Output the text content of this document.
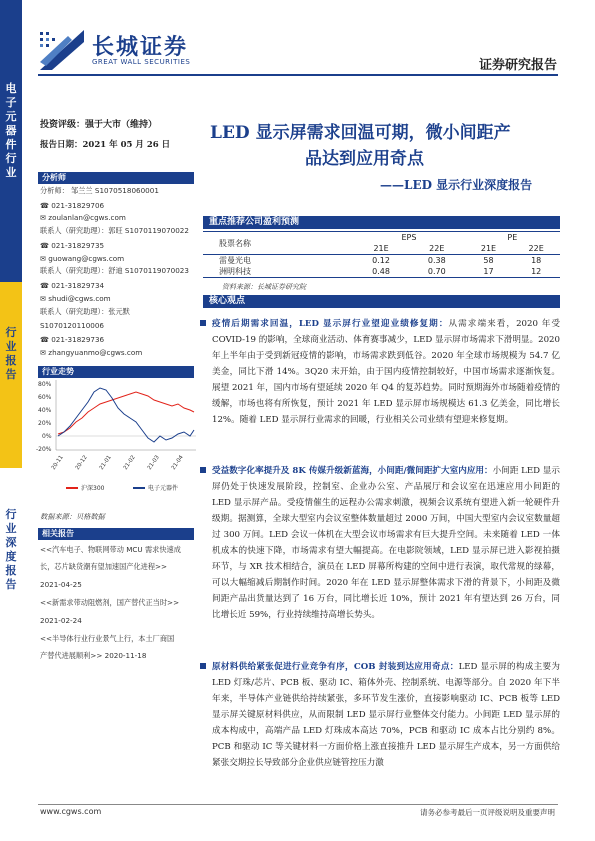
电子元器件行业
行业报告
行业深度报告
长城证券
GREAT WALL SECURITIES	证券研究报告
投资评级：强于大市（维持）
报告日期：2021 年 05 月 26 日
分析师
分析师： 邹兰兰 S1070518060001
☎ 021-31829706
✉ zoulanlan@cgws.com
联系人（研究助理）：郭旺 S1070119070022
☎ 021-31829735
✉ guowang@cgws.com
联系人（研究助理）：舒迪 S1070119070023
☎ 021-31829734
✉ shudi@cgws.com
联系人（研究助理）：张元默
S1070120110006
☎ 021-31829736
✉ zhangyuanmo@cgws.com
行业走势
80%
60%
40%
20%
0%
-20%
20-11 20-12 21-01 21-02 21-03 21-04
沪深300	电子元器件
数据来源：贝格数据
相关报告
<<汽车电子、物联网带动 MCU 需求快速成
长，芯片缺货潮有望加速国产化进程>>
2021-04-25
<<新需求带动阻燃剂，国产替代正当时>>
2021-02-24
<<半导体行业行业景气上行，本土厂商国
产替代进展顺利>> 2020-11-18
LED 显示屏需求回温可期，微小间距产
品达到应用奇点
——LED 显示行业深度报告
重点推荐公司盈利预测
股票名称	EPS		PE	
	21E	22E	21E	22E
雷曼光电	0.12	0.38	58	18
洲明科技	0.48	0.70	17	12
资料来源：长城证券研究院
核心观点
疫情后期需求回温，LED 显示屏行业望迎业绩修复期：从需求端来看，2020 年受 COVID-19 的影响，全球商业活动、体育赛事减少，LED 显示屏市场需求下滑明显。2020 年上半年由于受到新冠疫情的影响，市场需求跌到低谷。2020 年全球市场规模为 54.7 亿美金，同比下滑 14%。3Q20 末开始，由于国内疫情控制较好，中国市场需求逐渐恢复。展望 2021 年，国内市场有望延续 2020 年 Q4 的复苏趋势。同时预期海外市场随着疫情的缓解，市场也将有所恢复，预计 2021 年 LED 显示屏市场规模达 61.3 亿美金，同比增长 12%。随着 LED 显示屏行业需求的回暖，行业相关公司业绩有望迎来修复期。
受益数字化率提升及 8K 传媒升级新蓝海，小间距/微间距扩大室内应用：小间距 LED 显示屏仍处于快速发展阶段，控制室、企业办公室、产品展厅和会议室在迅速应用小间距的 LED 显示屏产品。受疫情催生的远程办公需求刺激，视频会议系统有望进入新一轮硬件升级期。据测算，全球大型室内会议室整体数量超过 2000 万间，中国大型室内会议室数量超过 300 万间。LED 会议一体机在大型会议市场需求有巨大提升空间。未来随着 LED 一体机成本的快速下降，市场需求有望大幅提高。在电影院领域，LED 显示屏已进入影视拍摄环节，与 XR 技术相结合，演员在 LED 屏幕所构建的空间中进行表演，取代常规的绿幕，可以大幅缩减后期制作时间。2020 年在 LED 显示屏整体需求下滑的背景下，小间距及微间距产品出货量达到了 16 万台，同比增长近 10%，预计 2021 年有望达到 26 万台，同比增长近 59%，行业持续维持高增长势头。
原材料供给紧张促进行业竞争有序，COB 封装到达应用奇点：LED 显示屏的构成主要为 LED 灯珠/芯片、PCB 板、驱动 IC、箱体外壳、控制系统、电源等部分。自 2020 年下半年来，半导体产业链供给持续紧张，多环节发生涨价，直接影响驱动 IC、PCB 板等 LED 显示屏关键原材料供应，从而限制 LED 显示屏行业整体交付能力。小间距 LED 显示屏的成本构成中，高端产品 LED 灯珠成本高达 70%，PCB 和驱动 IC 成本占比分别约 8%。PCB 和驱动 IC 等关键材料一方面价格上涨直接推升 LED 显示屏生产成本，另一方面供给紧张交期拉长导致部分企业供应链管控压力激
www.cgws.com	请务必参考最后一页评级说明及重要声明
